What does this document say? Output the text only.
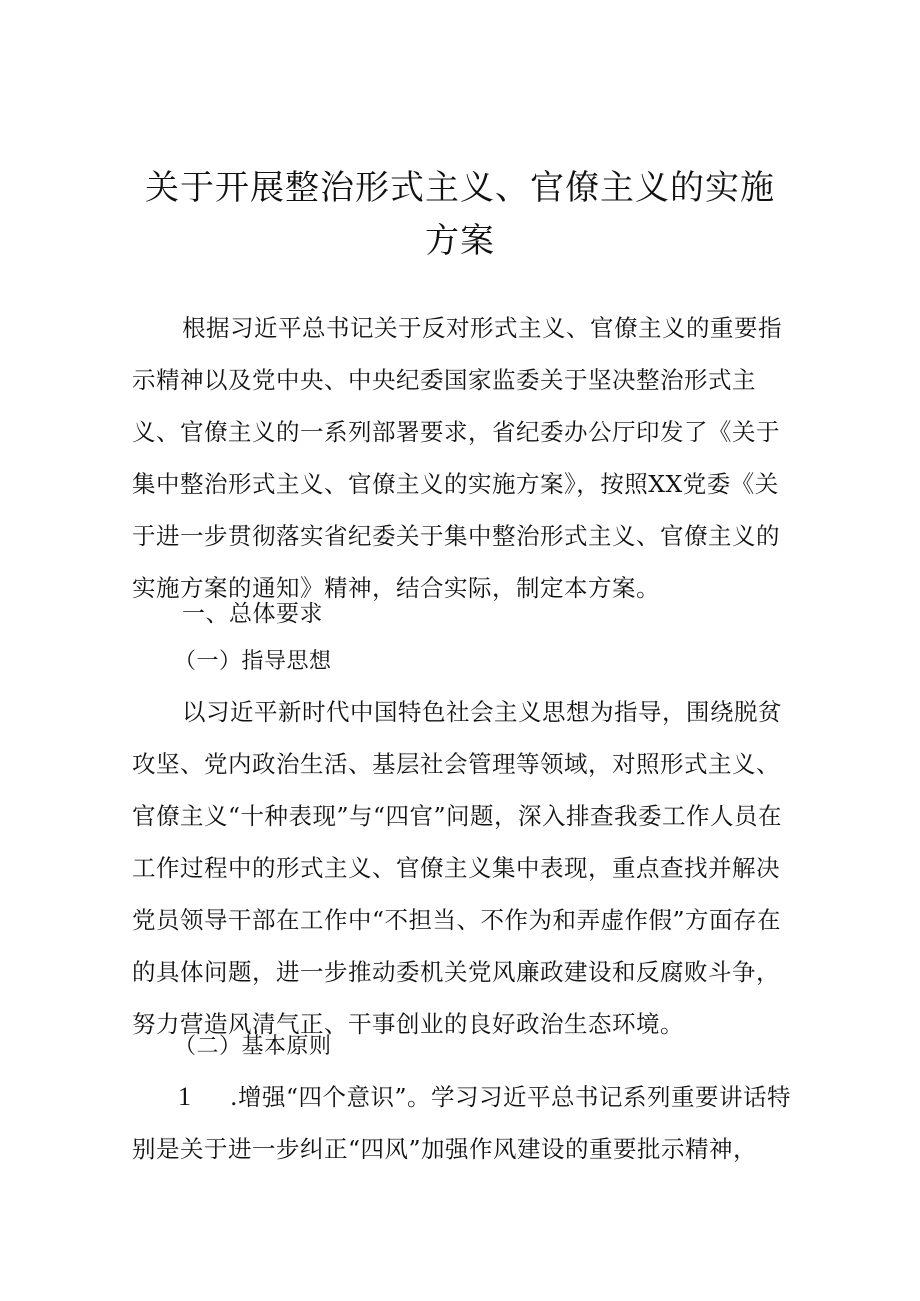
关于开展整治形式主义、官僚主义的实施
方案

根据习近平总书记关于反对形式主义、官僚主义的重要指示精神以及党中央、中央纪委国家监委关于坚决整治形式主义、官僚主义的一系列部署要求，省纪委办公厅印发了《关于集中整治形式主义、官僚主义的实施方案》，按照XX党委《关于进一步贯彻落实省纪委关于集中整治形式主义、官僚主义的实施方案的通知》精神，结合实际，制定本方案。

一、总体要求

（一）指导思想

以习近平新时代中国特色社会主义思想为指导，围绕脱贫攻坚、党内政治生活、基层社会管理等领域，对照形式主义、官僚主义“十种表现”与“四官”问题，深入排查我委工作人员在工作过程中的形式主义、官僚主义集中表现，重点查找并解决党员领导干部在工作中“不担当、不作为和弄虚作假”方面存在的具体问题，进一步推动委机关党风廉政建设和反腐败斗争，努力营造风清气正、干事创业的良好政治生态环境。

（二）基本原则

1 .增强“四个意识”。学习习近平总书记系列重要讲话特别是关于进一步纠正“四风”加强作风建设的重要批示精神，
